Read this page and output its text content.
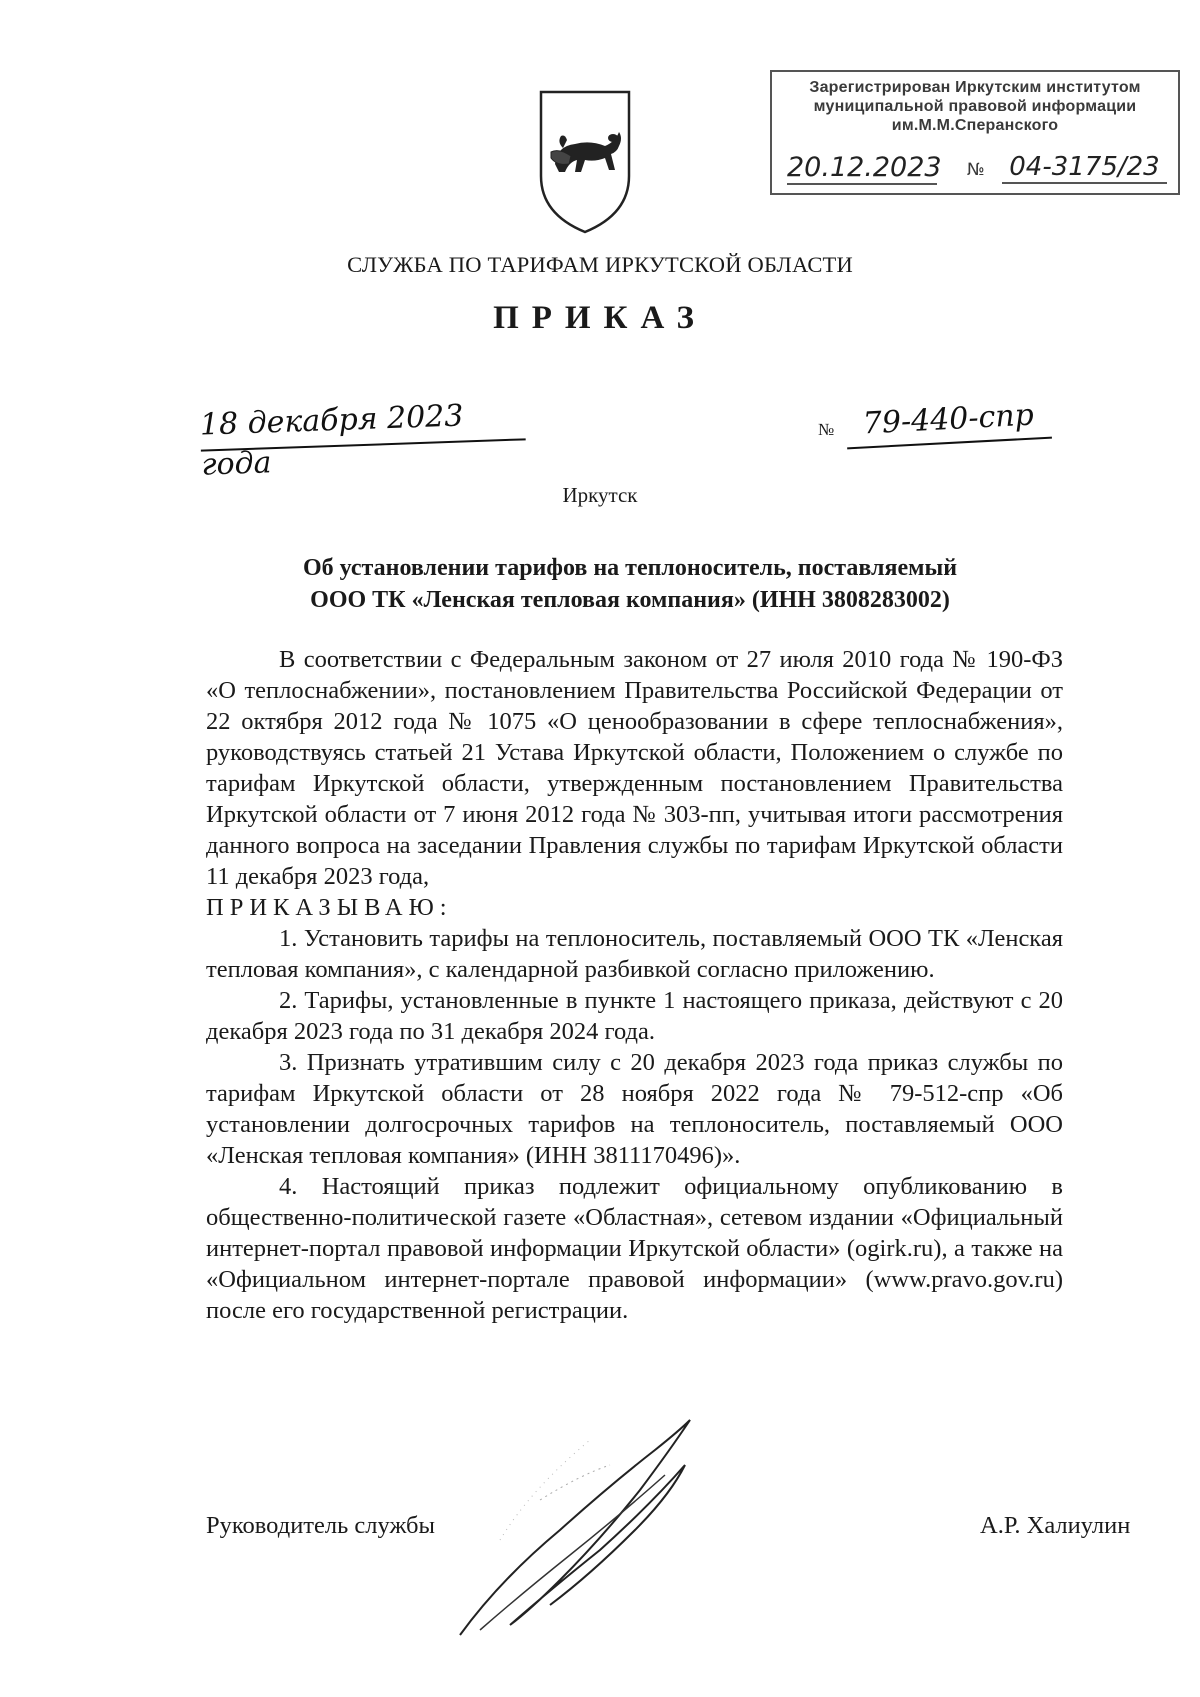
Зарегистрирован Иркутским институтом
муниципальной правовой информации
им.М.М.Сперанского
20.12.2023 № 04-3175/23
СЛУЖБА ПО ТАРИФАМ ИРКУТСКОЙ ОБЛАСТИ
ПРИКАЗ
18 декабря 2023 года
№ 79-440-спр
Иркутск
Об установлении тарифов на теплоноситель, поставляемый
ООО ТК «Ленская тепловая компания» (ИНН 3808283002)

В соответствии с Федеральным законом от 27 июля 2010 года № 190-ФЗ «О теплоснабжении», постановлением Правительства Российской Федерации от 22 октября 2012 года № 1075 «О ценообразовании в сфере теплоснабжения», руководствуясь статьей 21 Устава Иркутской области, Положением о службе по тарифам Иркутской области, утвержденным постановлением Правительства Иркутской области от 7 июня 2012 года № 303-пп, учитывая итоги рассмотрения данного вопроса на заседании Правления службы по тарифам Иркутской области 11 декабря 2023 года,

ПРИКАЗЫВАЮ:

1. Установить тарифы на теплоноситель, поставляемый ООО ТК «Ленская тепловая компания», с календарной разбивкой согласно приложению.

2. Тарифы, установленные в пункте 1 настоящего приказа, действуют с 20 декабря 2023 года по 31 декабря 2024 года.

3. Признать утратившим силу с 20 декабря 2023 года приказ службы по тарифам Иркутской области от 28 ноября 2022 года № 79-512-спр «Об установлении долгосрочных тарифов на теплоноситель, поставляемый ООО «Ленская тепловая компания» (ИНН 3811170496)».

4. Настоящий приказ подлежит официальному опубликованию в общественно-политической газете «Областная», сетевом издании «Официальный интернет-портал правовой информации Иркутской области» (ogirk.ru), а также на «Официальном интернет-портале правовой информации» (www.pravo.gov.ru) после его государственной регистрации.

Руководитель службы	А.Р. Халиулин
